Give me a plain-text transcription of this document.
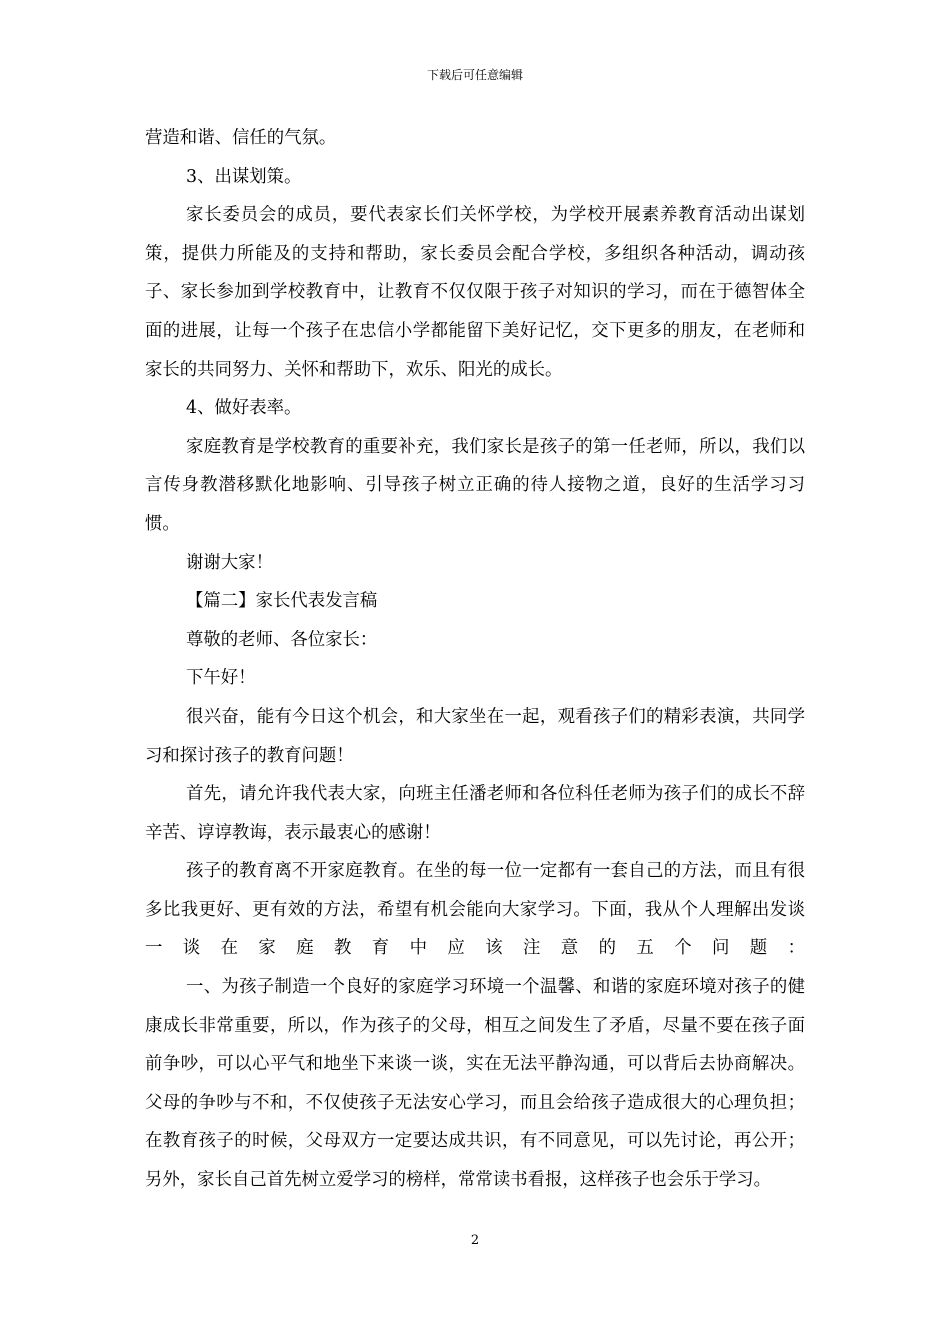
下载后可任意编辑

营造和谐、信任的气氛。

3、出谋划策。

家长委员会的成员，要代表家长们关怀学校，为学校开展素养教育活动出谋划策，提供力所能及的支持和帮助，家长委员会配合学校，多组织各种活动，调动孩子、家长参加到学校教育中，让教育不仅仅限于孩子对知识的学习，而在于德智体全面的进展，让每一个孩子在忠信小学都能留下美好记忆，交下更多的朋友，在老师和家长的共同努力、关怀和帮助下，欢乐、阳光的成长。

4、做好表率。

家庭教育是学校教育的重要补充，我们家长是孩子的第一任老师，所以，我们以言传身教潜移默化地影响、引导孩子树立正确的待人接物之道，良好的生活学习习惯。

谢谢大家！

【篇二】家长代表发言稿

尊敬的老师、各位家长：

下午好！

很兴奋，能有今日这个机会，和大家坐在一起，观看孩子们的精彩表演，共同学习和探讨孩子的教育问题！

首先，请允许我代表大家，向班主任潘老师和各位科任老师为孩子们的成长不辞辛苦、谆谆教诲，表示最衷心的感谢！

孩子的教育离不开家庭教育。在坐的每一位一定都有一套自己的方法，而且有很多比我更好、更有效的方法，希望有机会能向大家学习。下面，我从个人理解出发谈一谈在家庭教育中应该注意的五个问题：

一、为孩子制造一个良好的家庭学习环境一个温馨、和谐的家庭环境对孩子的健康成长非常重要，所以，作为孩子的父母，相互之间发生了矛盾，尽量不要在孩子面前争吵，可以心平气和地坐下来谈一谈，实在无法平静沟通，可以背后去协商解决。父母的争吵与不和，不仅使孩子无法安心学习，而且会给孩子造成很大的心理负担；在教育孩子的时候，父母双方一定要达成共识，有不同意见，可以先讨论，再公开；另外，家长自己首先树立爱学习的榜样，常常读书看报，这样孩子也会乐于学习。

2
